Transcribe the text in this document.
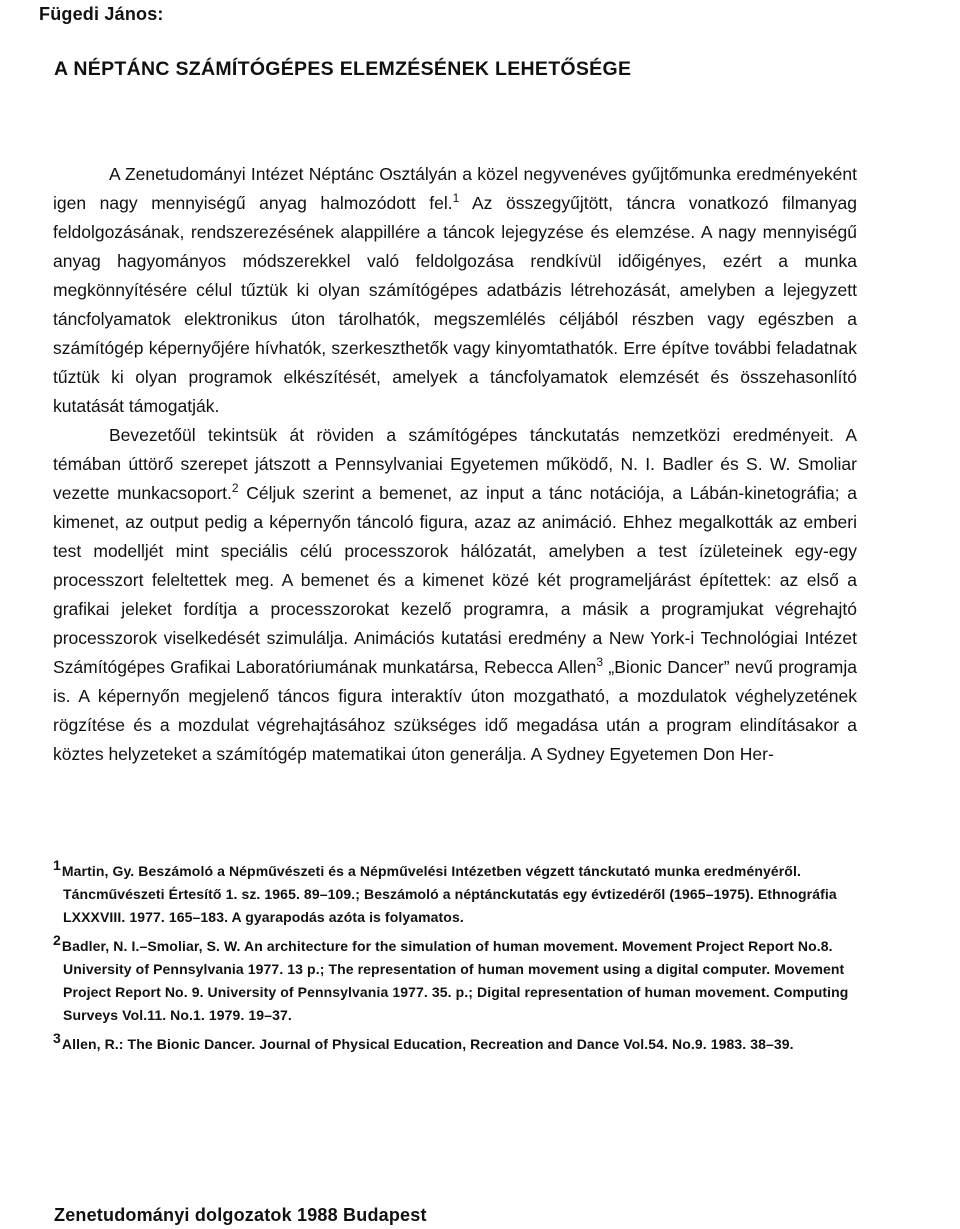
Fügedi János:
A NÉPTÁNC SZÁMÍTÓGÉPES ELEMZÉSÉNEK LEHETŐSÉGE

A Zenetudományi Intézet Néptánc Osztályán a közel negyvenéves gyűjtőmunka eredményeként igen nagy mennyiségű anyag halmozódott fel.$^1$ Az összegyűjtött, táncra vonatkozó filmanyag feldolgozásának, rendszerezésének alappillére a táncok lejegyzése és elemzése. A nagy mennyiségű anyag hagyományos módszerekkel való feldolgozása rendkívül időigényes, ezért a munka megkönnyítésére célul tűztük ki olyan számítógépes adatbázis létrehozását, amelyben a lejegyzett táncfolyamatok elektronikus úton tárolhatók, megszemlélés céljából részben vagy egészben a számítógép képernyőjére hívhatók, szerkeszthetők vagy kinyomtathatók. Erre építve további feladatnak tűztük ki olyan programok elkészítését, amelyek a táncfolyamatok elemzését és összehasonlító kutatását támogatják.

Bevezetőül tekintsük át röviden a számítógépes tánckutatás nemzetközi eredményeit. A témában úttörő szerepet játszott a Pennsylvaniai Egyetemen működő, N. I. Badler és S. W. Smoliar vezette munkacsoport.$^2$ Céljuk szerint a bemenet, az input a tánc notációja, a Lábán-kinetográfia; a kimenet, az output pedig a képernyőn táncoló figura, azaz az animáció. Ehhez megalkották az emberi test modelljét mint speciális célú processzorok hálózatát, amelyben a test ízületeinek egy-egy processzort feleltettek meg. A bemenet és a kimenet közé két programeljárást építettek: az első a grafikai jeleket fordítja a processzorokat kezelő programra, a másik a programjukat végrehajtó processzorok viselkedését szimulálja. Animációs kutatási eredmény a New York-i Technológiai Intézet Számítógépes Grafikai Laboratóriumának munkatársa, Rebecca Allen$^3$ „Bionic Dancer” nevű programja is. A képernyőn megjelenő táncos figura interaktív úton mozgatható, a mozdulatok véghelyzetének rögzítése és a mozdulat végrehajtásához szükséges idő megadása után a program elindításakor a köztes helyzeteket a számítógép matematikai úton generálja. A Sydney Egyetemen Don Her-

1Martin, Gy. Beszámoló a Népművészeti és a Népművelési Intézetben végzett tánckutató munka eredményéről. Táncművészeti Értesítő 1. sz. 1965. 89–109.; Beszámoló a néptánckutatás egy évtizedéről (1965–1975). Ethnográfia LXXXVIII. 1977. 165–183. A gyarapodás azóta is folyamatos.
2Badler, N. I.–Smoliar, S. W. An architecture for the simulation of human movement. Movement Project Report No.8. University of Pennsylvania 1977. 13 p.; The representation of human movement using a digital computer. Movement Project Report No. 9. University of Pennsylvania 1977. 35. p.; Digital representation of human movement. Computing Surveys Vol.11. No.1. 1979. 19–37.
3Allen, R.: The Bionic Dancer. Journal of Physical Education, Recreation and Dance Vol.54. No.9. 1983. 38–39.
Zenetudományi dolgozatok 1988 Budapest
